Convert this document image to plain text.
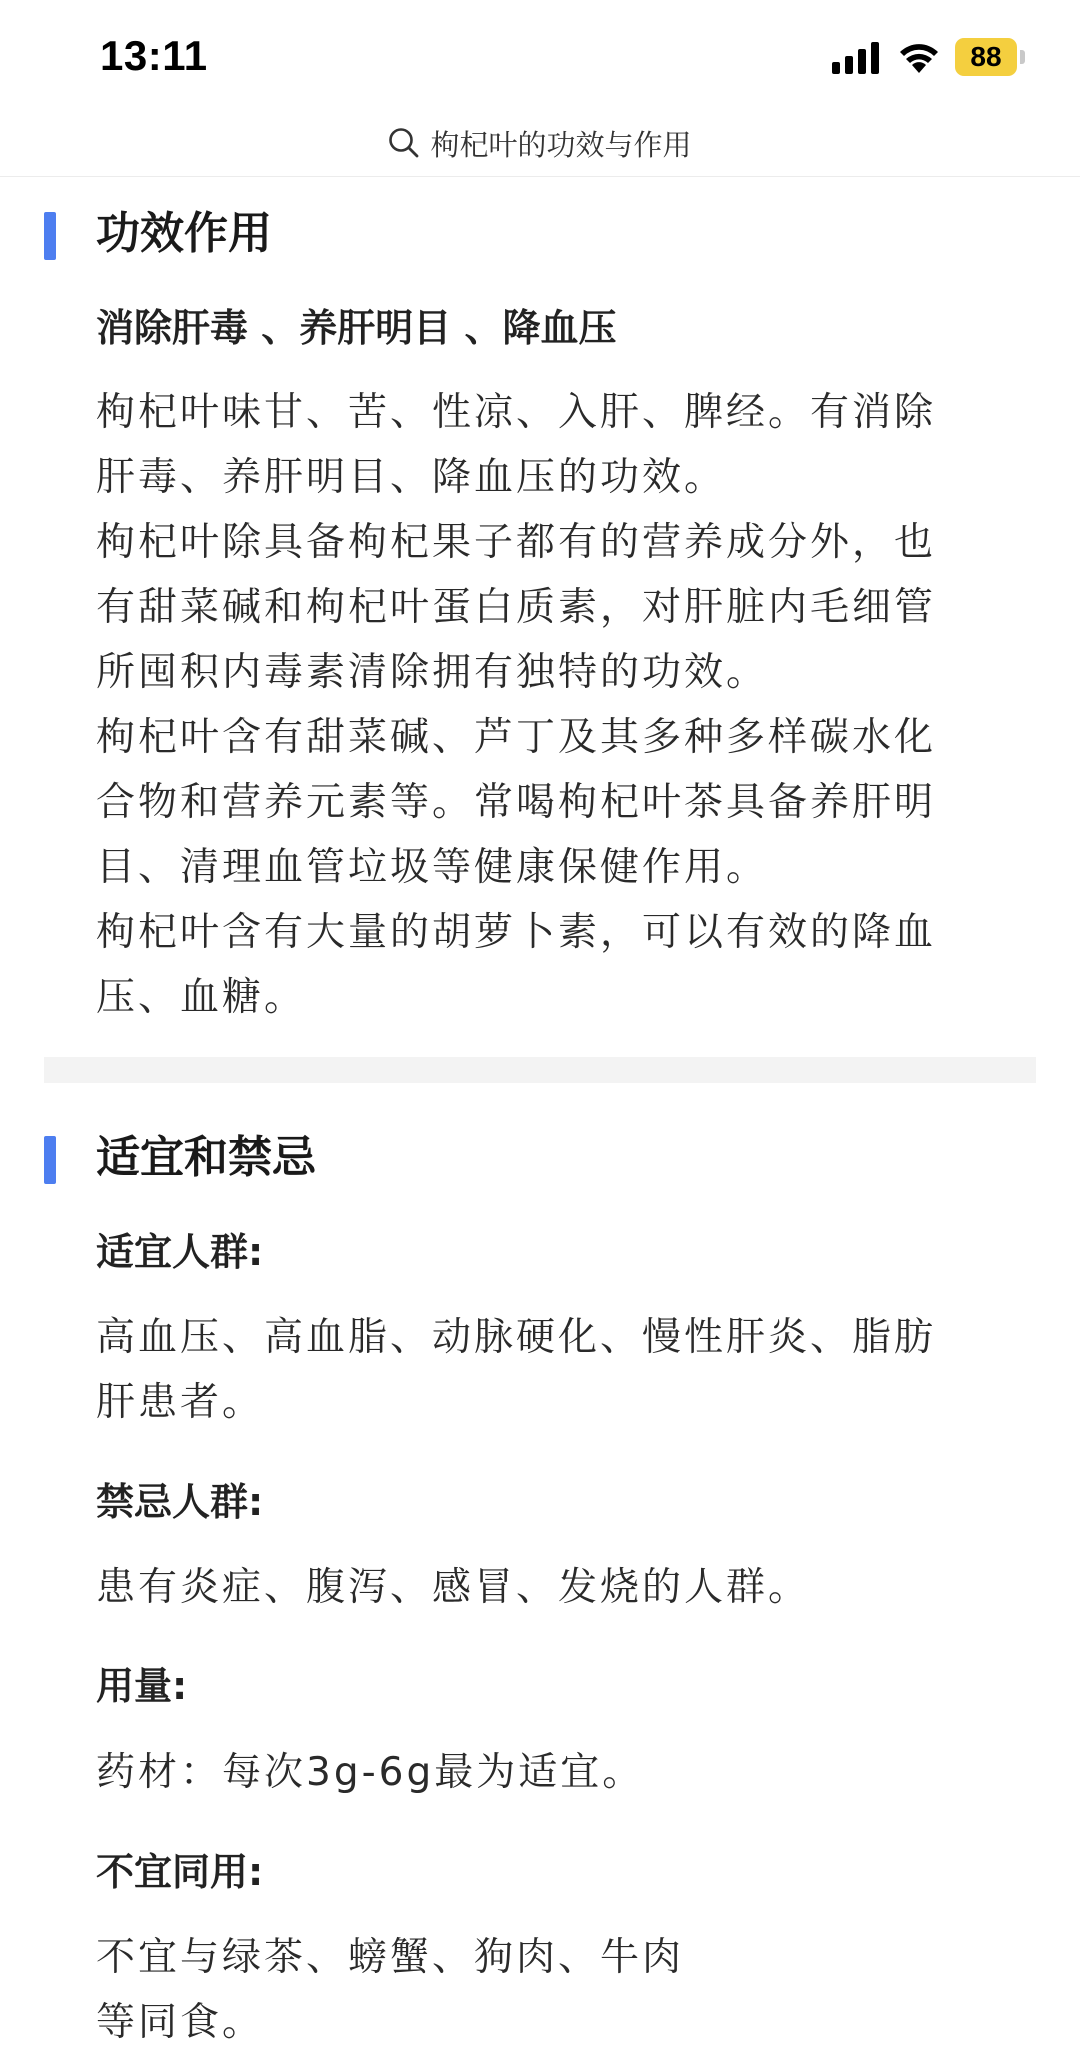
13:11	88
枸杞叶的功效与作用
功效作用
消除肝毒 、养肝明目 、降血压
枸杞叶味甘、苦、性凉、入肝、脾经。有消除
肝毒、养肝明目、降血压的功效。
枸杞叶除具备枸杞果子都有的营养成分外，也
有甜菜碱和枸杞叶蛋白质素，对肝脏内毛细管
所囤积内毒素清除拥有独特的功效。
枸杞叶含有甜菜碱、芦丁及其多种多样碳水化
合物和营养元素等。常喝枸杞叶茶具备养肝明
目、清理血管垃圾等健康保健作用。
枸杞叶含有大量的胡萝卜素，可以有效的降血
压、血糖。
适宜和禁忌
适宜人群:
高血压、高血脂、动脉硬化、慢性肝炎、脂肪
肝患者。
禁忌人群:
患有炎症、腹泻、感冒、发烧的人群。
用量:
药材：每次3g-6g最为适宜。
不宜同用:
不宜与绿茶、螃蟹、狗肉、牛肉
等同食。
